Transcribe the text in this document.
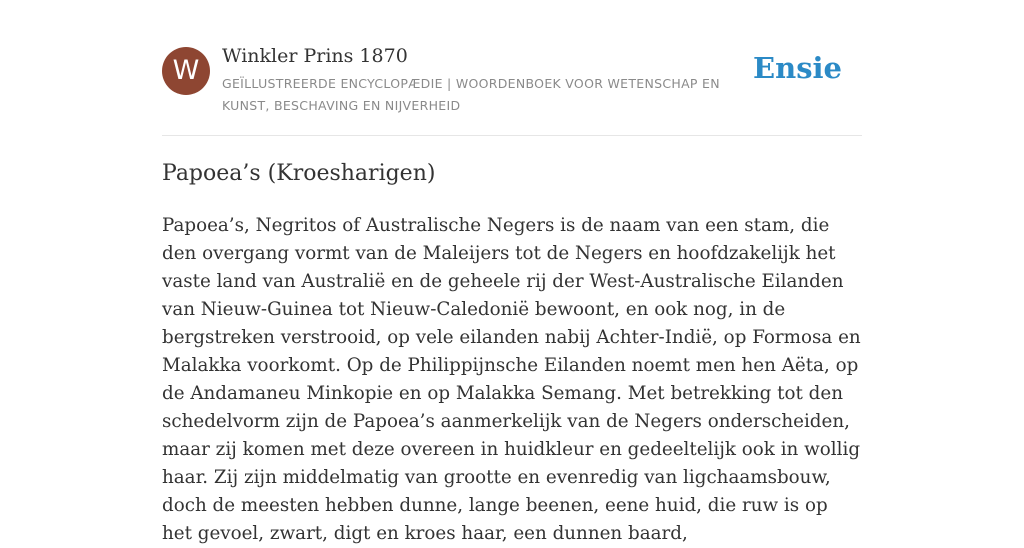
W	Winkler Prins 1870
GEÏLLUSTREERDE ENCYCLOPÆDIE | WOORDENBOEK VOOR WETENSCHAP EN KUNST, BESCHAVING EN NIJVERHEID
Ensie
Papoea’s (Kroesharigen)

Papoea’s, Negritos of Australische Negers is de naam van een stam, die den overgang vormt van de Maleijers tot de Negers en hoofdzakelijk het vaste land van Australië en de geheele rij der West-Australische Eilanden van Nieuw-Guinea tot Nieuw-Caledonië bewoont, en ook nog, in de bergstreken verstrooid, op vele eilanden nabij Achter-Indië, op Formosa en Malakka voorkomt. Op de Philippijnsche Eilanden noemt men hen Aëta, op de Andamaneu Minkopie en op Malakka Semang. Met betrekking tot den schedelvorm zijn de Papoea’s aanmerkelijk van de Negers onderscheiden, maar zij komen met deze overeen in huidkleur en gedeeltelijk ook in wollig haar. Zij zijn middelmatig van grootte en evenredig van ligchaamsbouw, doch de meesten hebben dunne, lange beenen, eene huid, die ruw is op het gevoel, zwart, digt en kroes haar, een dunnen baard,
